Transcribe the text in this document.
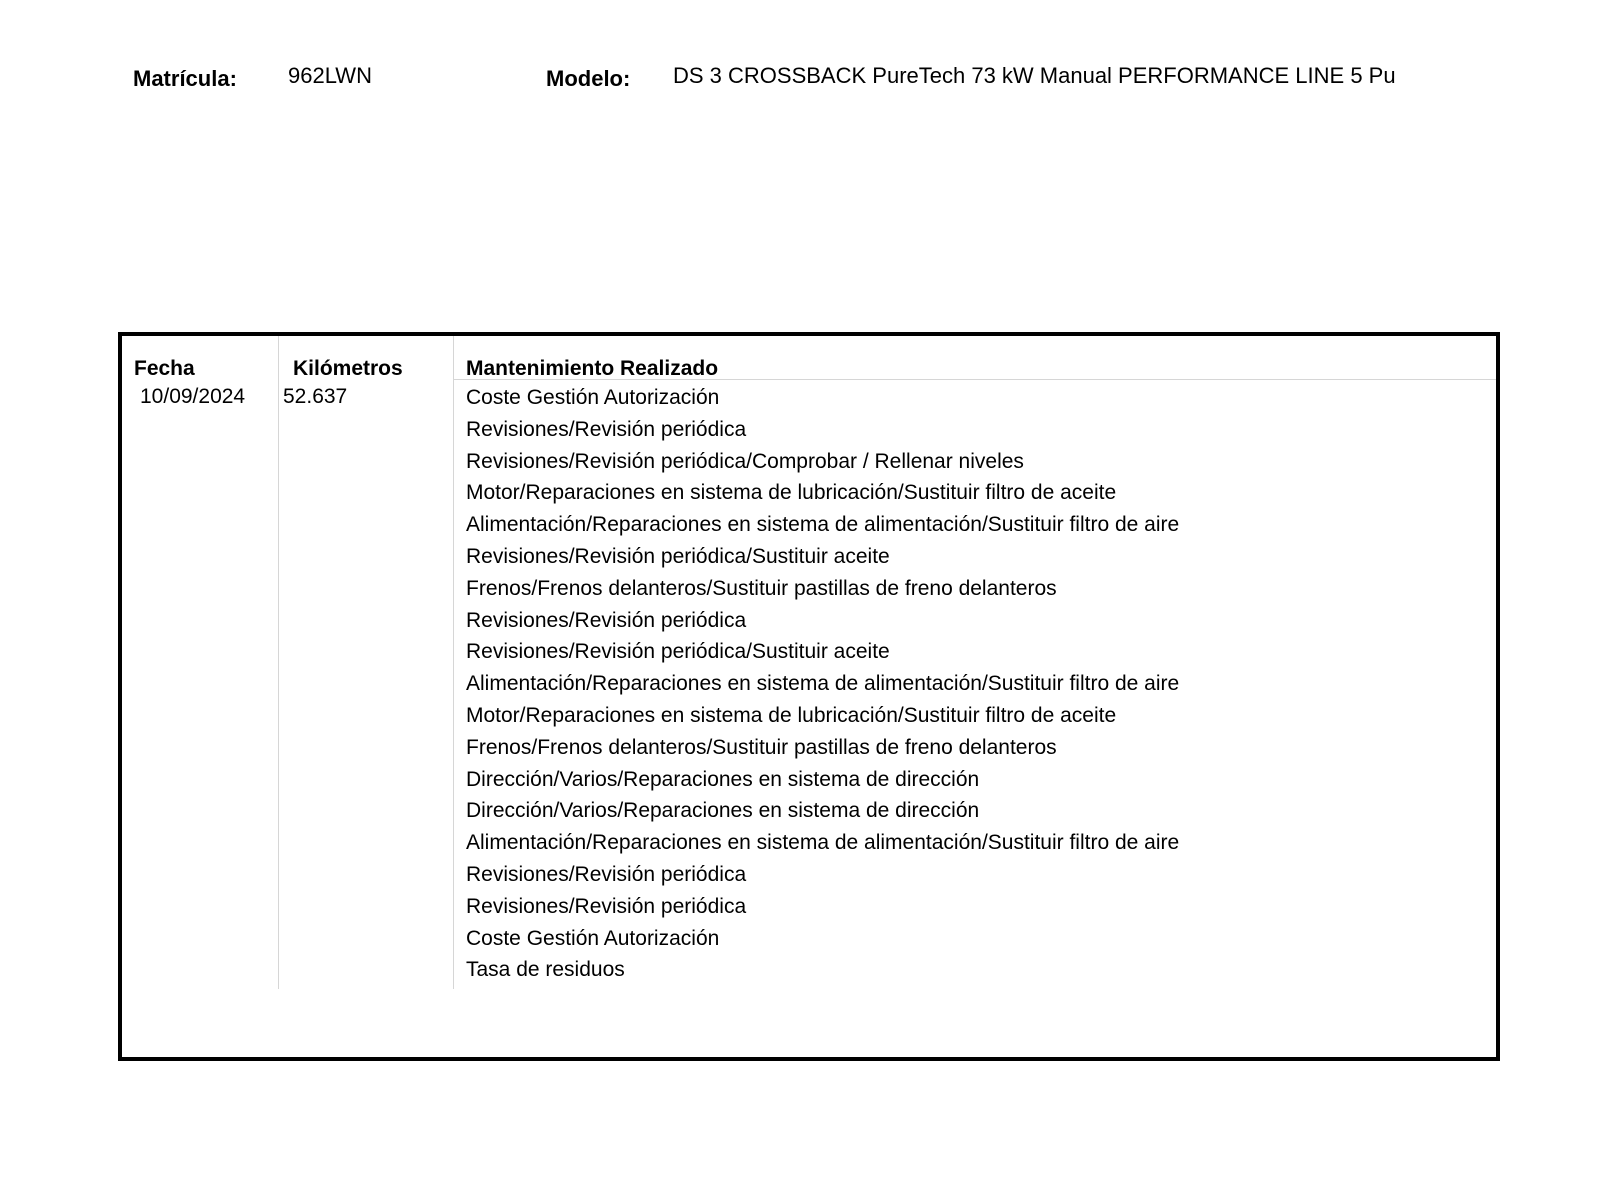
Matrícula: 962LWN	Modelo: DS 3 CROSSBACK PureTech 73 kW Manual PERFORMANCE LINE 5 Pu
Fecha	Kilómetros	Mantenimiento Realizado
10/09/2024 52.637	Coste Gestión Autorización
Revisiones/Revisión periódica
Revisiones/Revisión periódica/Comprobar / Rellenar niveles
Motor/Reparaciones en sistema de lubricación/Sustituir filtro de aceite
Alimentación/Reparaciones en sistema de alimentación/Sustituir filtro de aire
Revisiones/Revisión periódica/Sustituir aceite
Frenos/Frenos delanteros/Sustituir pastillas de freno delanteros
Revisiones/Revisión periódica
Revisiones/Revisión periódica/Sustituir aceite
Alimentación/Reparaciones en sistema de alimentación/Sustituir filtro de aire
Motor/Reparaciones en sistema de lubricación/Sustituir filtro de aceite
Frenos/Frenos delanteros/Sustituir pastillas de freno delanteros
Dirección/Varios/Reparaciones en sistema de dirección
Dirección/Varios/Reparaciones en sistema de dirección
Alimentación/Reparaciones en sistema de alimentación/Sustituir filtro de aire
Revisiones/Revisión periódica
Revisiones/Revisión periódica
Coste Gestión Autorización
Tasa de residuos
